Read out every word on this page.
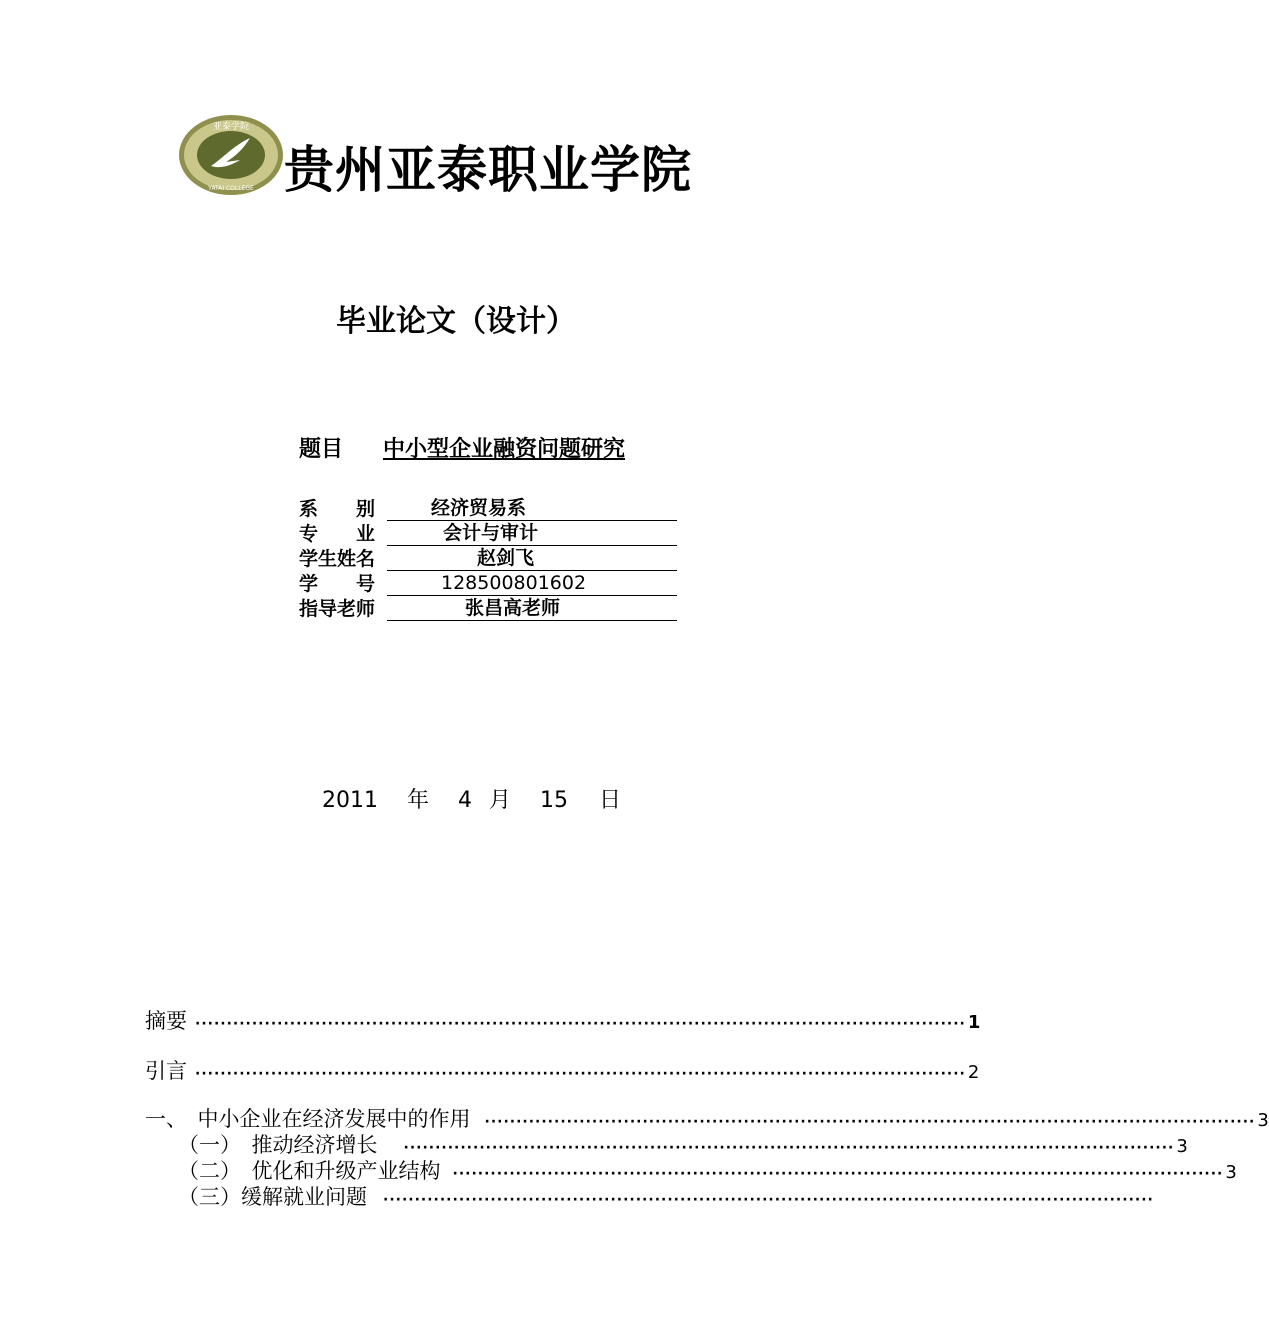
亚泰学院
YATAI COLLEGE 贵州亚泰职业学院
毕业论文（设计）
题目 中小型企业融资问题研究
系　　别	经济贸易系
专　　业	会计与审计
学生姓名	赵剑飞
学　　号	128500801602
指导老师	张昌高老师
2011 年 4 月 15 日
摘要 ·························································································································· 1
引言 ·························································································································· 2
一、　中小企业在经济发展中的作用 ·························································································································· 3
（一）　推动经济增长 ·························································································································· 3
（二）　优化和升级产业结构 ·························································································································· 3
（三）缓解就业问题 ··························································································································
